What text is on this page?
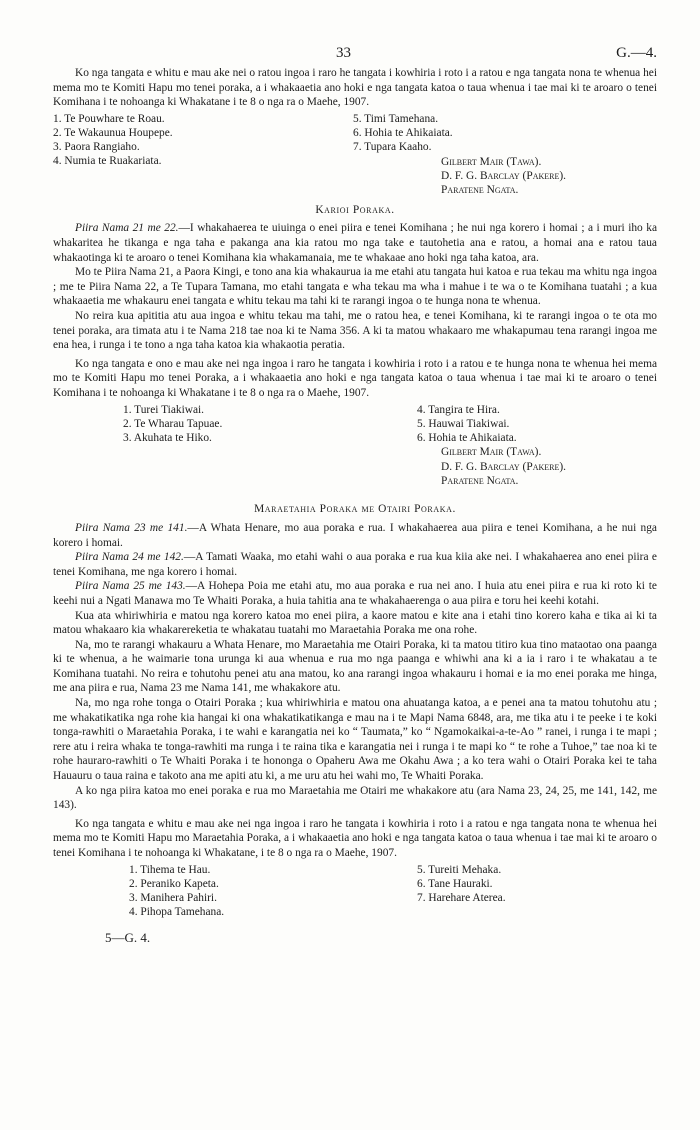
33	G.—4.

Ko nga tangata e whitu e mau ake nei o ratou ingoa i raro he tangata i kowhiria i roto i a ratou e nga tangata nona te whenua hei mema mo te Komiti Hapu mo tenei poraka, a i whakaaetia ano hoki e nga tangata katoa o taua whenua i tae mai ki te aroaro o tenei Komihana i te nohoanga ki Whakatane i te 8 o nga ra o Maehe, 1907.

1. Te Pouwhare te Roau.
2. Te Wakaunua Houpepe.
3. Paora Rangiaho.
4. Numia te Ruakariata.
5. Timi Tamehana.
6. Hohia te Ahikaiata.
7. Tupara Kaaho.
Gilbert Mair (Tawa).
D. F. G. Barclay (Pakere).
Paratene Ngata.
Karioi Poraka.

Piira Nama 21 me 22.—I whakahaerea te uiuinga o enei piira e tenei Komihana ; he nui nga korero i homai ; a i muri iho ka whakaritea he tikanga e nga taha e pakanga ana kia ratou mo nga take e tautohetia ana e ratou, a homai ana e ratou taua whakaotinga ki te aroaro o tenei Komihana kia whakamanaia, me te whakaae ano hoki nga taha katoa, ara.

Mo te Piira Nama 21, a Paora Kingi, e tono ana kia whakaurua ia me etahi atu tangata hui katoa e rua tekau ma whitu nga ingoa ; me te Piira Nama 22, a Te Tupara Tamana, mo etahi tangata e wha tekau ma wha i mahue i te wa o te Komihana tuatahi ; a kua whakaaetia me whakauru enei tangata e whitu tekau ma tahi ki te rarangi ingoa o te hunga nona te whenua.

No reira kua apititia atu aua ingoa e whitu tekau ma tahi, me o ratou hea, e tenei Komihana, ki te rarangi ingoa o te ota mo tenei poraka, ara timata atu i te Nama 218 tae noa ki te Nama 356. A ki ta matou whakaaro me whakapumau tena rarangi ingoa me ena hea, i runga i te tono a nga taha katoa kia whakaotia peratia.

Ko nga tangata e ono e mau ake nei nga ingoa i raro he tangata i kowhiria i roto i a ratou e te hunga nona te whenua hei mema mo te Komiti Hapu mo tenei Poraka, a i whakaaetia ano hoki e nga tangata katoa o taua whenua i tae mai ki te aroaro o tenei Komihana i te nohoanga ki Whakatane i te 8 o nga ra o Maehe, 1907.

1. Turei Tiakiwai.
2. Te Wharau Tapuae.
3. Akuhata te Hiko.
4. Tangira te Hira.
5. Hauwai Tiakiwai.
6. Hohia te Ahikaiata.
Gilbert Mair (Tawa).
D. F. G. Barclay (Pakere).
Paratene Ngata.
Maraetahia Poraka me Otairi Poraka.

Piira Nama 23 me 141.—A Whata Henare, mo aua poraka e rua. I whakahaerea aua piira e tenei Komihana, a he nui nga korero i homai.

Piira Nama 24 me 142.—A Tamati Waaka, mo etahi wahi o aua poraka e rua kua kiia ake nei. I whakahaerea ano enei piira e tenei Komihana, me nga korero i homai.

Piira Nama 25 me 143.—A Hohepa Poia me etahi atu, mo aua poraka e rua nei ano. I huia atu enei piira e rua ki roto ki te keehi nui a Ngati Manawa mo Te Whaiti Poraka, a huia tahitia ana te whakahaerenga o aua piira e toru hei keehi kotahi.

Kua ata whiriwhiria e matou nga korero katoa mo enei piira, a kaore matou e kite ana i etahi tino korero kaha e tika ai ki ta matou whakaaro kia whakarereketia te whakatau tuatahi mo Maraetahia Poraka me ona rohe.

Na, mo te rarangi whakauru a Whata Henare, mo Maraetahia me Otairi Poraka, ki ta matou titiro kua tino mataotao ona paanga ki te whenua, a he waimarie tona urunga ki aua whenua e rua mo nga paanga e whiwhi ana ki a ia i raro i te whakatau a te Komihana tuatahi. No reira e tohutohu penei atu ana matou, ko ana rarangi ingoa whakauru i homai e ia mo enei poraka me hinga, me ana piira e rua, Nama 23 me Nama 141, me whakakore atu.

Na, mo nga rohe tonga o Otairi Poraka ; kua whiriwhiria e matou ona ahuatanga katoa, a e penei ana ta matou tohutohu atu ; me whakatikatika nga rohe kia hangai ki ona whakatikatikanga e mau na i te Mapi Nama 6848, ara, me tika atu i te peeke i te koki tonga-rawhiti o Maraetahia Poraka, i te wahi e karangatia nei ko “ Taumata,” ko “ Ngamokaikai-a-te-Ao ” ranei, i runga i te mapi ; rere atu i reira whaka te tonga-rawhiti ma runga i te raina tika e karangatia nei i runga i te mapi ko “ te rohe a Tuhoe,” tae noa ki te rohe hauraro-rawhiti o Te Whaiti Poraka i te hononga o Opaheru Awa me Okahu Awa ; a ko tera wahi o Otairi Poraka kei te taha Hauauru o taua raina e takoto ana me apiti atu ki, a me uru atu hei wahi mo, Te Whaiti Poraka.

A ko nga piira katoa mo enei poraka e rua mo Maraetahia me Otairi me whakakore atu (ara Nama 23, 24, 25, me 141, 142, me 143).

Ko nga tangata e whitu e mau ake nei nga ingoa i raro he tangata i kowhiria i roto i a ratou e nga tangata nona te whenua hei mema mo te Komiti Hapu mo Maraetahia Poraka, a i whakaaetia ano hoki e nga tangata katoa o taua whenua i tae mai ki te aroaro o tenei Komihana i te nohoanga ki Whakatane, i te 8 o nga ra o Maehe, 1907.

1. Tihema te Hau.
2. Peraniko Kapeta.
3. Manihera Pahiri.
4. Pihopa Tamehana.
5. Tureiti Mehaka.
6. Tane Hauraki.
7. Harehare Aterea.
5—G. 4.
